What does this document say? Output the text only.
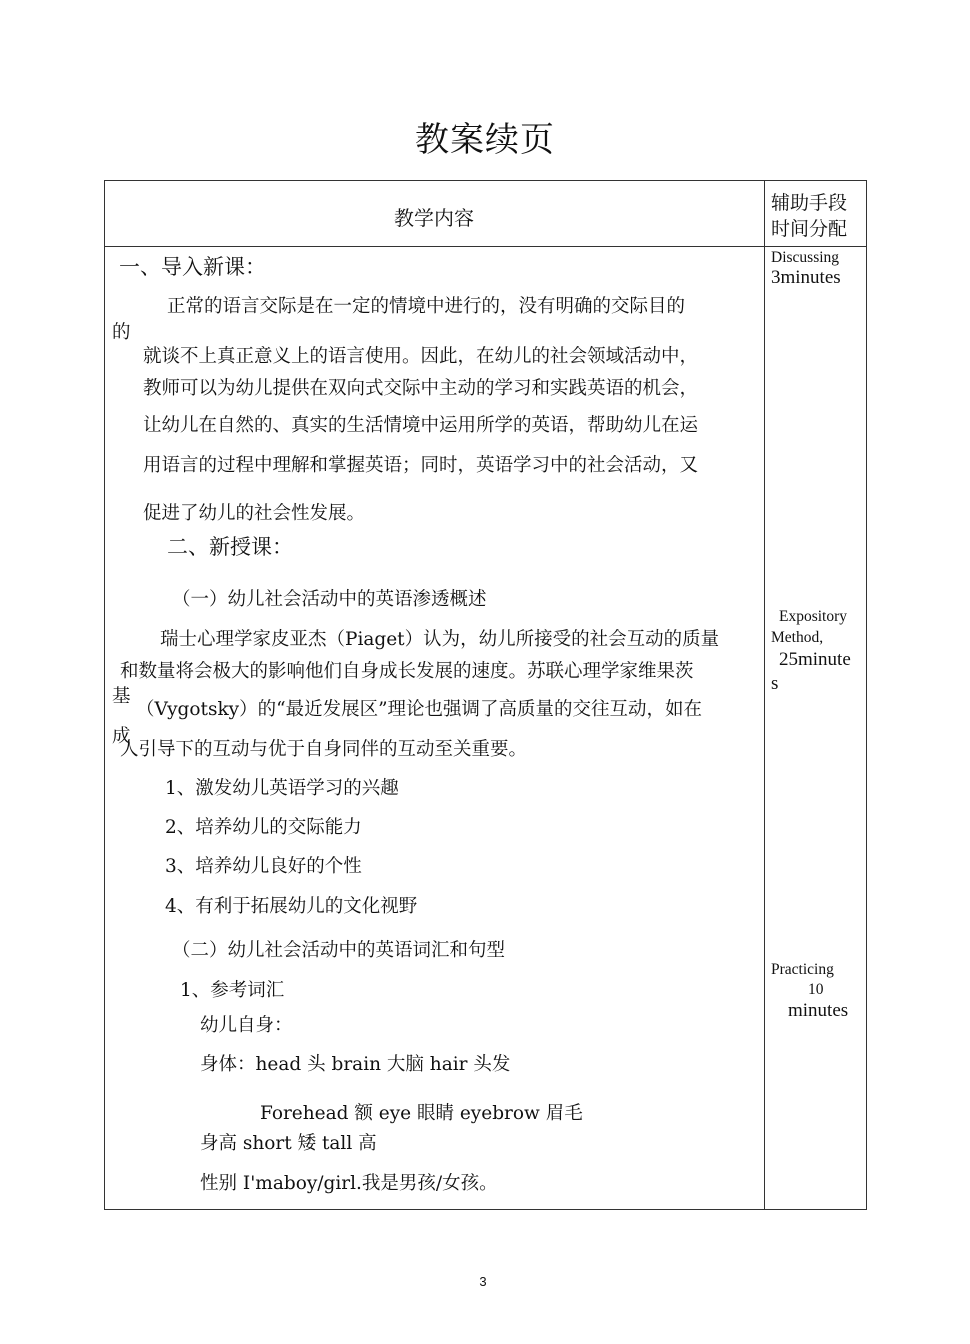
教案续页
教学内容
辅助手段
时间分配
一、导入新课：
正常的语言交际是在一定的情境中进行的，没有明确的交际目的
的
就谈不上真正意义上的语言使用。因此，在幼儿的社会领域活动中，
教师可以为幼儿提供在双向式交际中主动的学习和实践英语的机会，
让幼儿在自然的、真实的生活情境中运用所学的英语，帮助幼儿在运
用语言的过程中理解和掌握英语；同时，英语学习中的社会活动，又
促进了幼儿的社会性发展。
二、新授课：
（一）幼儿社会活动中的英语渗透概述
瑞士心理学家皮亚杰（Piaget）认为，幼儿所接受的社会互动的质量
和数量将会极大的影响他们自身成长发展的速度。苏联心理学家维果茨
基
（Vygotsky）的“最近发展区”理论也强调了高质量的交往互动，如在
成
人引导下的互动与优于自身同伴的互动至关重要。
1、激发幼儿英语学习的兴趣
2、培养幼儿的交际能力
3、培养幼儿良好的个性
4、有利于拓展幼儿的文化视野
（二）幼儿社会活动中的英语词汇和句型
1、参考词汇
幼儿自身：
身体：head 头 brain 大脑 hair 头发
Forehead 额 eye 眼睛 eyebrow 眉毛
身高 short 矮 tall 高
性别 I'maboy/girl.我是男孩/女孩。
Discussing
3minutes
Expository
Method,
25minute
s
Practicing
10
minutes
3
